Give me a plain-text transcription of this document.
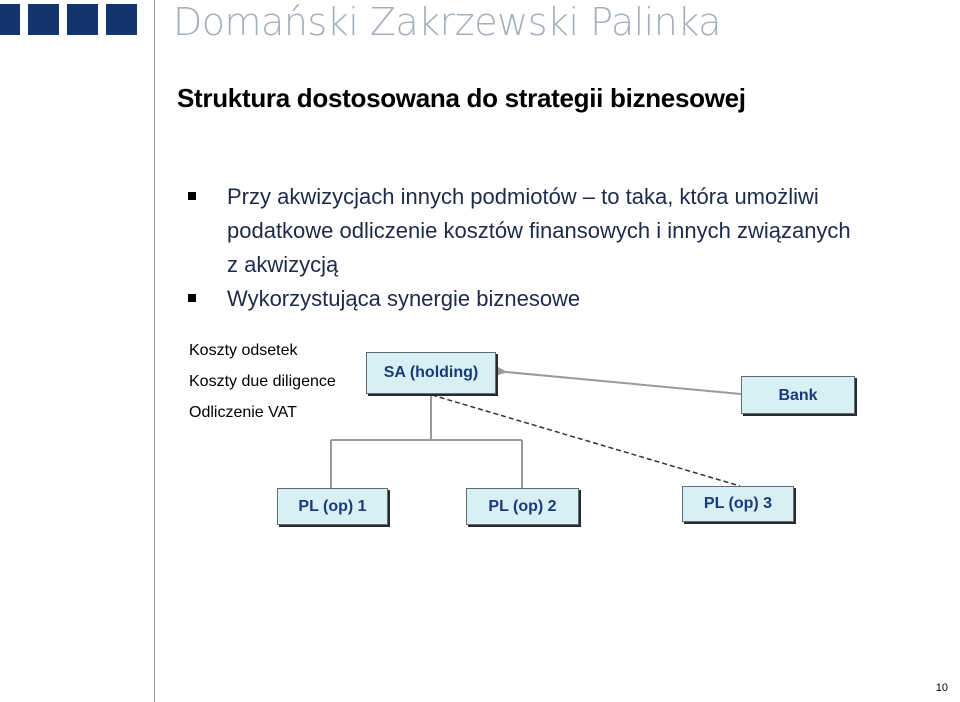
Domański Zakrzewski Palinka
Struktura dostosowana do strategii biznesowej
Przy akwizycjach innych podmiotów – to taka, która umożliwi
podatkowe odliczenie kosztów finansowych i innych związanych
z akwizycją
Wykorzystująca synergie biznesowe
Koszty odsetek
Koszty due diligence
Odliczenie VAT
SA (holding)
Bank
PL (op) 1	PL (op) 2	PL (op) 3
10
